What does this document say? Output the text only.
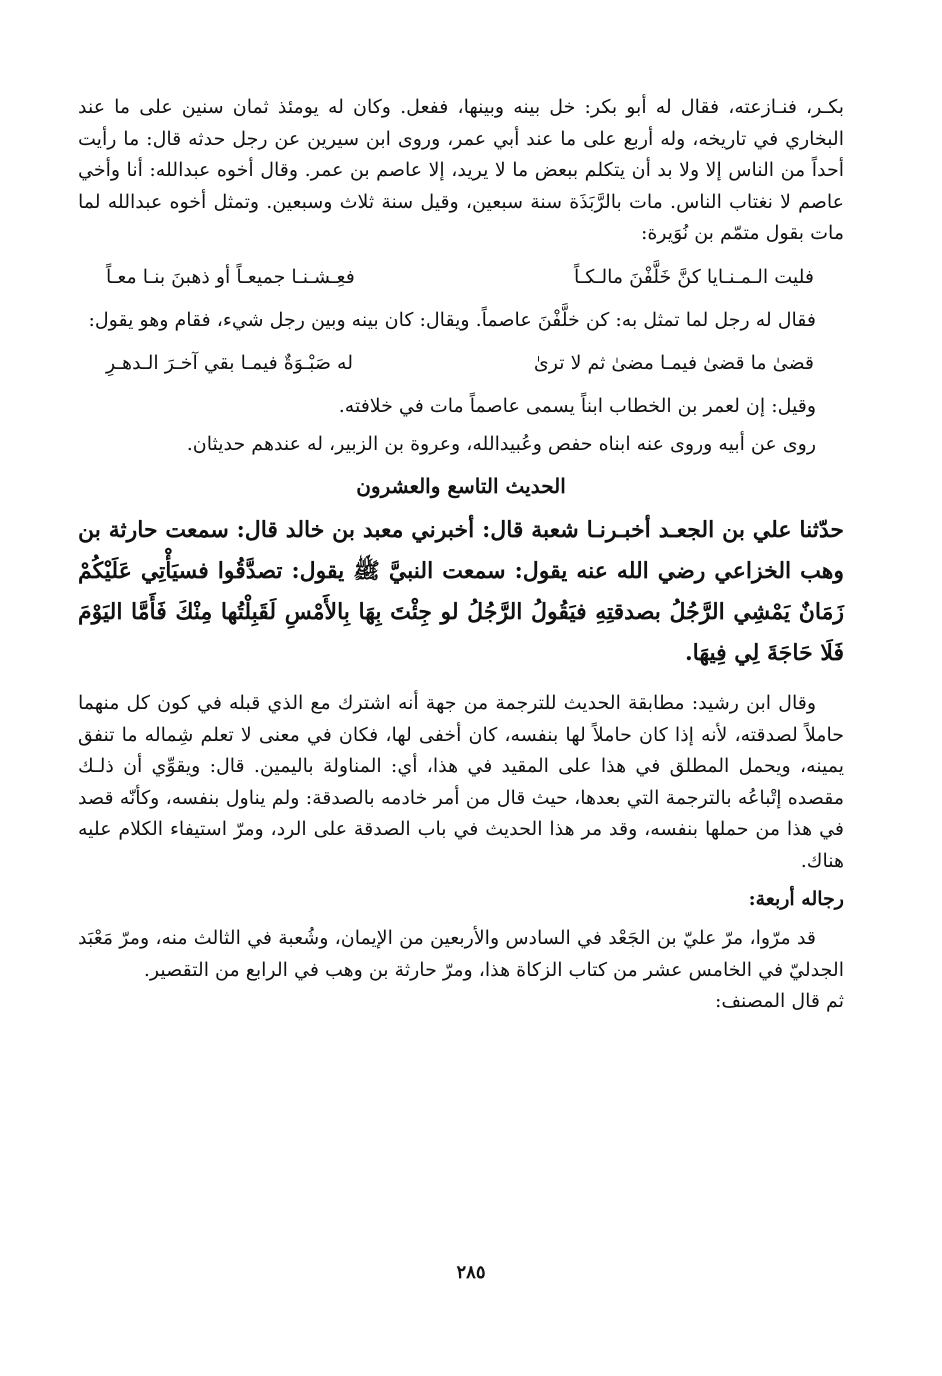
بكـر، فنـازعته، فقال له أبو بكر: خل بينه وبينها، ففعل. وكان له يومئذ ثمان سنين على ما عند البخاري في تاريخه، وله أربع على ما عند أبي عمر، وروى ابن سيرين عن رجل حدثه قال: ما رأيت أحداً من الناس إلا ولا بد أن يتكلم ببعض ما لا يريد، إلا عاصم بن عمر. وقال أخوه عبدالله: أنا وأخي عاصم لا نغتاب الناس. مات بالرَّبَذَة سنة سبعين، وقيل سنة ثلاث وسبعين. وتمثل أخوه عبدالله لما مات بقول متمّم بن نُوَيرة:

فليت الـمـنـايا كنَّ خَلَّفْنَ مالـكـاً
فعِـشـنـا جميعـاً أو ذهبنَ بنـا معـاً

فقال له رجل لما تمثل به: كن خلَّفْنَ عاصماً. ويقال: كان بينه وبين رجل شيء، فقام وهو يقول:

قضىٰ ما قضىٰ فيمـا مضىٰ ثم لا ترىٰ
له صَبْـوَةٌ فيمـا بقي آخـرَ الـدهـرِ

وقيل: إن لعمر بن الخطاب ابناً يسمى عاصماً مات في خلافته.

روى عن أبيه وروى عنه ابناه حفص وعُبيدالله، وعروة بن الزبير، له عندهم حديثان.

الحديث التاسع والعشرون

حدّثنا علي بن الجعـد أخبـرنـا شعبة قال: أخبرني معبد بن خالد قال: سمعت حارثة بن وهب الخزاعي رضي الله عنه يقول: سمعت النبيَّ ﷺ يقول: تصدَّقُوا فسيَأْتِي عَلَيْكُمْ زَمَانٌ يَمْشِي الرَّجُلُ بصدقتِهِ فيَقُولُ الرَّجُلُ لو جِئْتَ بِهَا بِالأَمْسِ لَقَبِلْتُها مِنْكَ فَأَمَّا اليَوْمَ فَلَا حَاجَةَ لِي فِيهَا.

وقال ابن رشيد: مطابقة الحديث للترجمة من جهة أنه اشترك مع الذي قبله في كون كل منهما حاملاً لصدقته، لأنه إذا كان حاملاً لها بنفسه، كان أخفى لها، فكان في معنى لا تعلم شِماله ما تنفق يمينه، ويحمل المطلق في هذا على المقيد في هذا، أي: المناولة باليمين. قال: ويقوِّي أن ذلـك مقصده إتْباعُه بالترجمة التي بعدها، حيث قال من أمر خادمه بالصدقة: ولم يناول بنفسه، وكأنّه قصد في هذا من حملها بنفسه، وقد مر هذا الحديث في باب الصدقة على الرد، ومرّ استيفاء الكلام عليه هناك.

رجاله أربعة:

قد مرّوا، مرّ عليّ بن الجَعْد في السادس والأربعين من الإيمان، وشُعبة في الثالث منه، ومرّ مَعْبَد الجدليّ في الخامس عشر من كتاب الزكاة هذا، ومرّ حارثة بن وهب في الرابع من التقصير.

ثم قال المصنف:

٢٨٥
